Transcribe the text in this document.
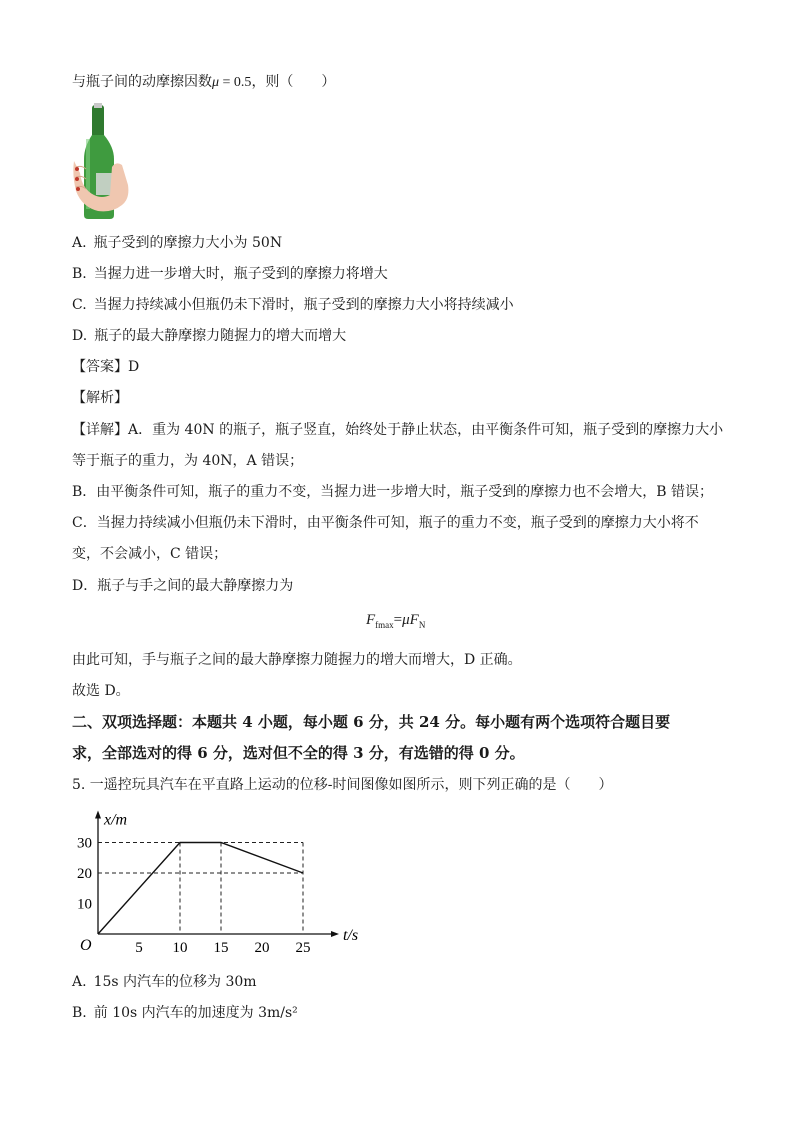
与瓶子间的动摩擦因数μ = 0.5，则（　　）
A.  瓶子受到的摩擦力大小为 50N
B.  当握力进一步增大时，瓶子受到的摩擦力将增大
C.  当握力持续减小但瓶仍未下滑时，瓶子受到的摩擦力大小将持续减小
D.  瓶子的最大静摩擦力随握力的增大而增大
【答案】D
【解析】
【详解】A．重为 40N 的瓶子，瓶子竖直，始终处于静止状态，由平衡条件可知，瓶子受到的摩擦力大小
等于瓶子的重力，为 40N，A 错误；
B．由平衡条件可知，瓶子的重力不变，当握力进一步增大时，瓶子受到的摩擦力也不会增大，B 错误；
C．当握力持续减小但瓶仍未下滑时，由平衡条件可知，瓶子的重力不变，瓶子受到的摩擦力大小将不
变，不会减小，C 错误；
D．瓶子与手之间的最大静摩擦力为
$F_{fmax}=\mu F_N$
由此可知，手与瓶子之间的最大静摩擦力随握力的增大而增大，D 正确。
故选 D。
二、双项选择题：本题共 4 小题，每小题 6 分，共 24 分。每小题有两个选项符合题目要
求，全部选对的得 6 分，选对但不全的得 3 分，有选错的得 0 分。
5. 一遥控玩具汽车在平直路上运动的位移-时间图像如图所示，则下列正确的是（　　）
x/m
t/s
O	5 10 15 20 25
10
20
30
A.  15s 内汽车的位移为 30m
B.  前 10s 内汽车的加速度为 3m/s²
